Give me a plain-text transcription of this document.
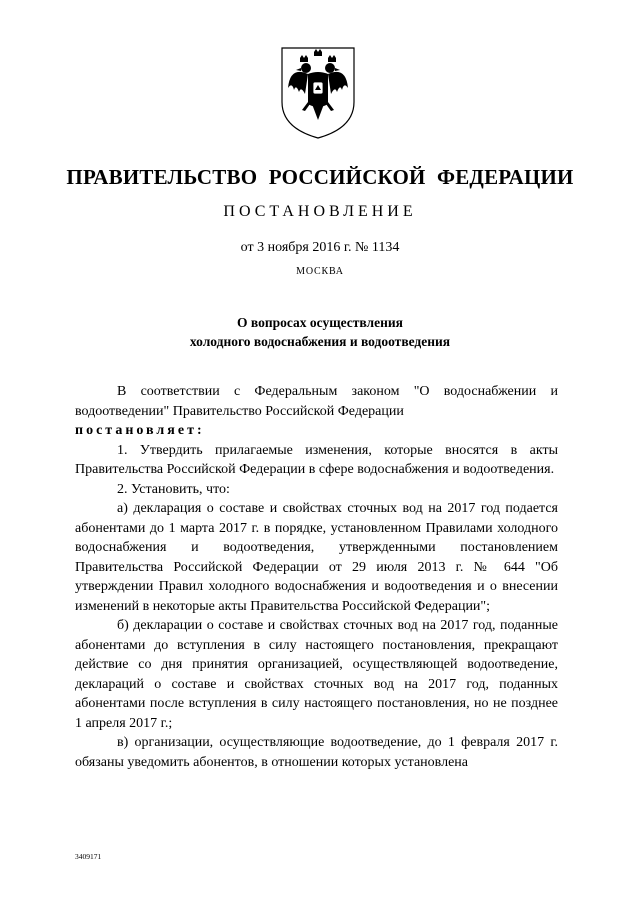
ПРАВИТЕЛЬСТВО РОССИЙСКОЙ ФЕДЕРАЦИИ
ПОСТАНОВЛЕНИЕ
от 3 ноября 2016 г. № 1134
МОСКВА
О вопросах осуществления
холодного водоснабжения и водоотведения

В соответствии с Федеральным законом "О водоснабжении и водоотведении" Правительство Российской Федерации

постановляет:

1. Утвердить прилагаемые изменения, которые вносятся в акты Правительства Российской Федерации в сфере водоснабжения и водоотведения.

2. Установить, что:

а) декларация о составе и свойствах сточных вод на 2017 год подается абонентами до 1 марта 2017 г. в порядке, установленном Правилами холодного водоснабжения и водоотведения, утвержденными постановлением Правительства Российской Федерации от 29 июля 2013 г. № 644 "Об утверждении Правил холодного водоснабжения и водоотведения и о внесении изменений в некоторые акты Правительства Российской Федерации";

б) декларации о составе и свойствах сточных вод на 2017 год, поданные абонентами до вступления в силу настоящего постановления, прекращают действие со дня принятия организацией, осуществляющей водоотведение, деклараций о составе и свойствах сточных вод на 2017 год, поданных абонентами после вступления в силу настоящего постановления, но не позднее 1 апреля 2017 г.;

в) организации, осуществляющие водоотведение, до 1 февраля 2017 г. обязаны уведомить абонентов, в отношении которых установлена

3409171
